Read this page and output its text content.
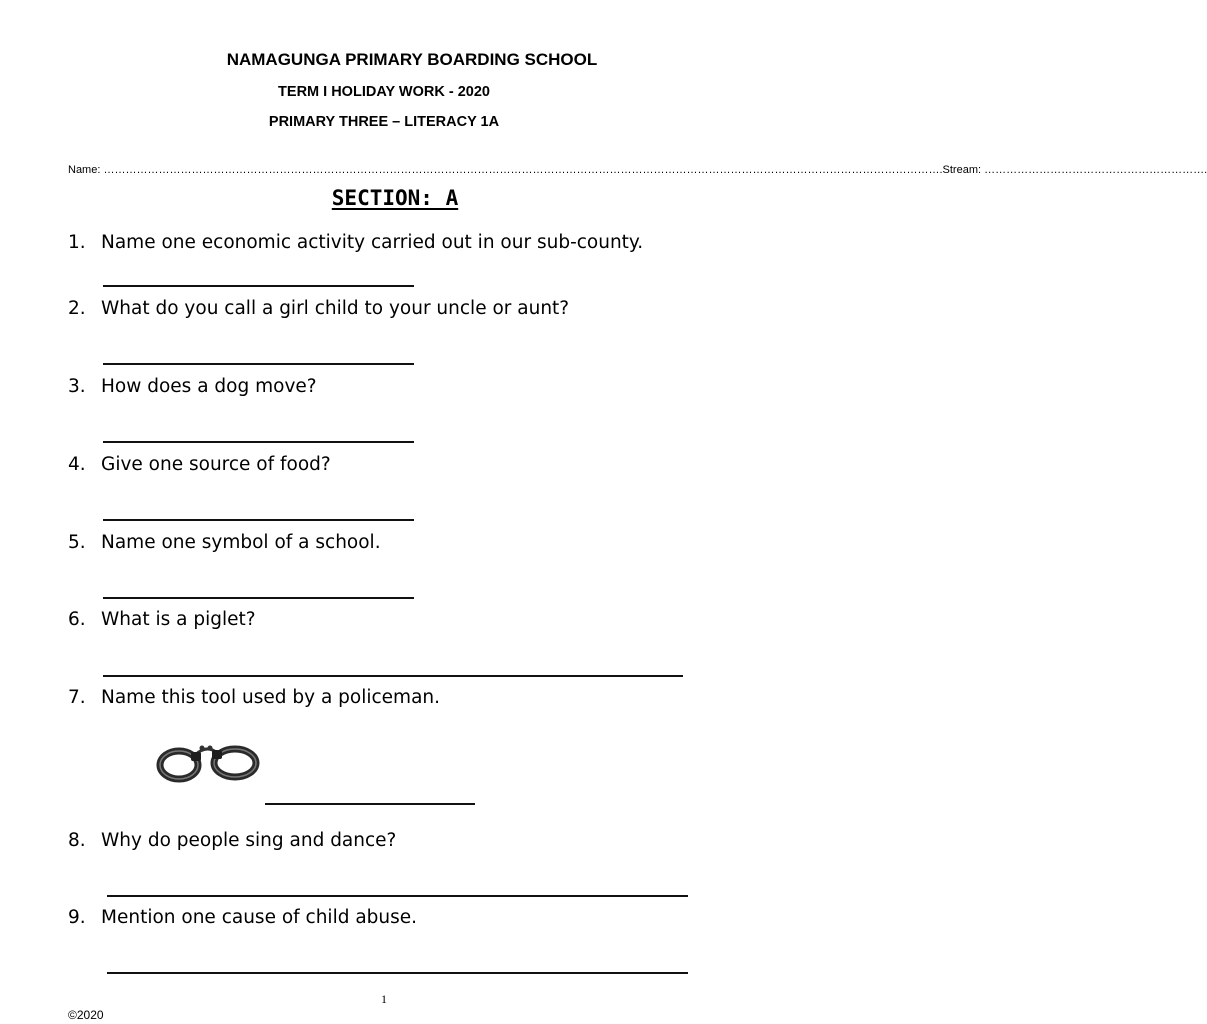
NAMAGUNGA PRIMARY BOARDING SCHOOL
TERM I HOLIDAY WORK - 2020
PRIMARY THREE – LITERACY 1A
Name: ………………………………………………………………………………………………………………………………………………………………………………………………………….Stream: …………………………………………………….
SECTION: A
1. Name one economic activity carried out in our sub-county.
2. What do you call a girl child to your uncle or aunt?
3. How does a dog move?
4. Give one source of food?
5. Name one symbol of a school.
6. What is a piglet?
7. Name this tool used by a policeman.
8. Why do people sing and dance?
9. Mention one cause of child abuse.
1
©2020
